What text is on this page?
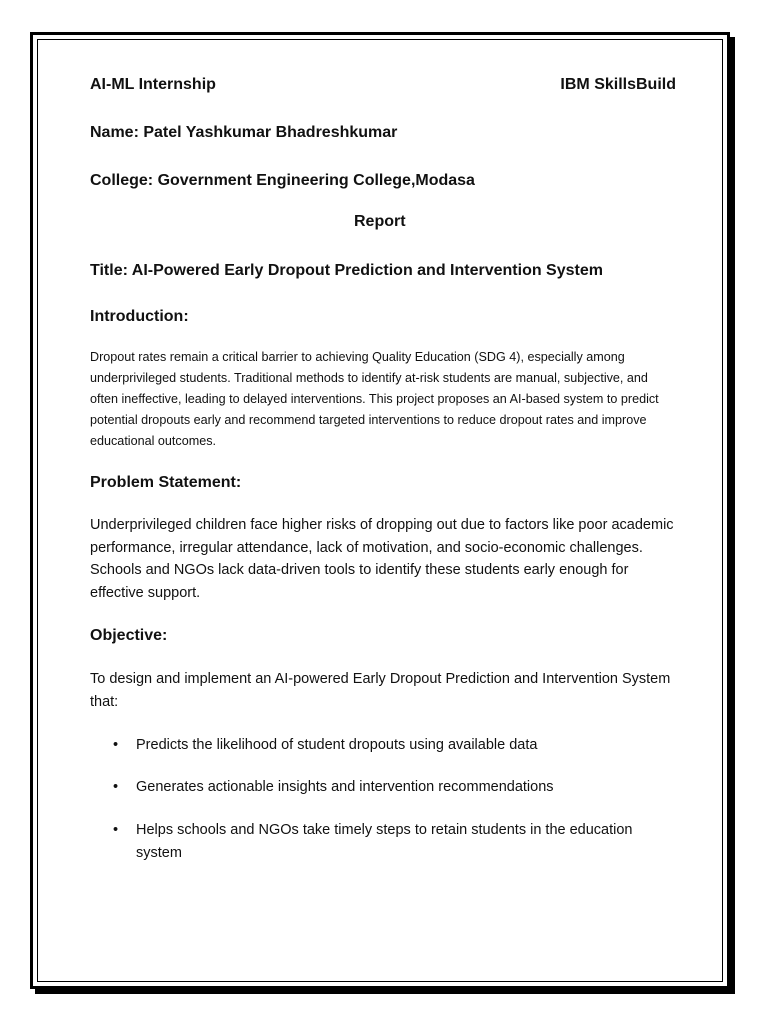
AI-ML Internship	IBM SkillsBuild
Name: Patel Yashkumar Bhadreshkumar
College: Government Engineering College,Modasa
Report
Title: AI-Powered Early Dropout Prediction and Intervention System
Introduction:
Dropout rates remain a critical barrier to achieving Quality Education (SDG 4), especially among underprivileged students. Traditional methods to identify at-risk students are manual, subjective, and often ineffective, leading to delayed interventions. This project proposes an AI-based system to predict potential dropouts early and recommend targeted interventions to reduce dropout rates and improve educational outcomes.
Problem Statement:
Underprivileged children face higher risks of dropping out due to factors like poor academic performance, irregular attendance, lack of motivation, and socio-economic challenges. Schools and NGOs lack data-driven tools to identify these students early enough for effective support.
Objective:
To design and implement an AI-powered Early Dropout Prediction and Intervention System that:
• Predicts the likelihood of student dropouts using available data
• Generates actionable insights and intervention recommendations
• Helps schools and NGOs take timely steps to retain students in the education system
